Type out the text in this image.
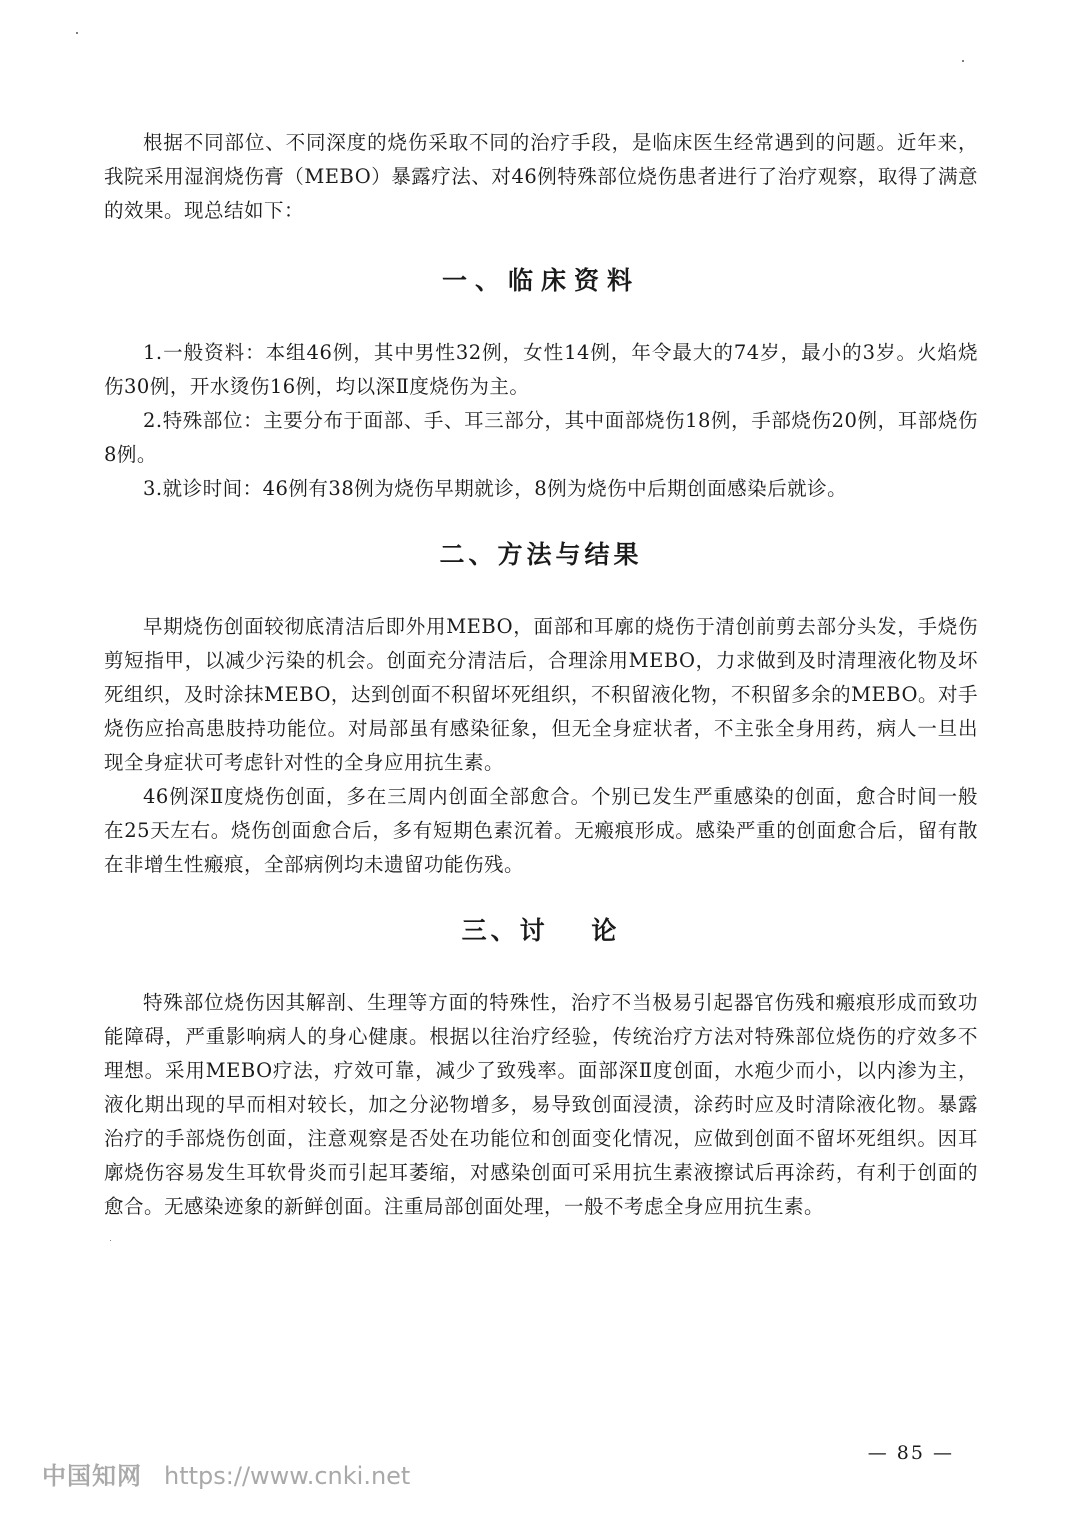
根据不同部位、不同深度的烧伤采取不同的治疗手段，是临床医生经常遇到的问题。近年来，我院采用湿润烧伤膏（MEBO）暴露疗法、对46例特殊部位烧伤患者进行了治疗观察，取得了满意的效果。现总结如下：

一、临床资料

1.一般资料：本组46例，其中男性32例，女性14例，年令最大的74岁，最小的3岁。火焰烧伤30例，开水烫伤16例，均以深Ⅱ度烧伤为主。

2.特殊部位：主要分布于面部、手、耳三部分，其中面部烧伤18例，手部烧伤20例，耳部烧伤8例。

3.就诊时间：46例有38例为烧伤早期就诊，8例为烧伤中后期创面感染后就诊。

二、方法与结果

早期烧伤创面较彻底清洁后即外用MEBO，面部和耳廓的烧伤于清创前剪去部分头发，手烧伤剪短指甲，以减少污染的机会。创面充分清洁后，合理涂用MEBO，力求做到及时清理液化物及坏死组织，及时涂抹MEBO，达到创面不积留坏死组织，不积留液化物，不积留多余的MEBO。对手烧伤应抬高患肢持功能位。对局部虽有感染征象，但无全身症状者，不主张全身用药，病人一旦出现全身症状可考虑针对性的全身应用抗生素。

46例深Ⅱ度烧伤创面，多在三周内创面全部愈合。个别已发生严重感染的创面，愈合时间一般在25天左右。烧伤创面愈合后，多有短期色素沉着。无瘢痕形成。感染严重的创面愈合后，留有散在非增生性瘢痕，全部病例均未遗留功能伤残。

三、讨 论

特殊部位烧伤因其解剖、生理等方面的特殊性，治疗不当极易引起器官伤残和瘢痕形成而致功能障碍，严重影响病人的身心健康。根据以往治疗经验，传统治疗方法对特殊部位烧伤的疗效多不理想。采用MEBO疗法，疗效可靠，减少了致残率。面部深Ⅱ度创面，水疱少而小，以内渗为主，液化期出现的早而相对较长，加之分泌物增多，易导致创面浸渍，涂药时应及时清除液化物。暴露治疗的手部烧伤创面，注意观察是否处在功能位和创面变化情况，应做到创面不留坏死组织。因耳廓烧伤容易发生耳软骨炎而引起耳萎缩，对感染创面可采用抗生素液擦试后再涂药，有利于创面的愈合。无感染迹象的新鲜创面。注重局部创面处理，一般不考虑全身应用抗生素。

— 85 —
中国知网 https://www.cnki.net
